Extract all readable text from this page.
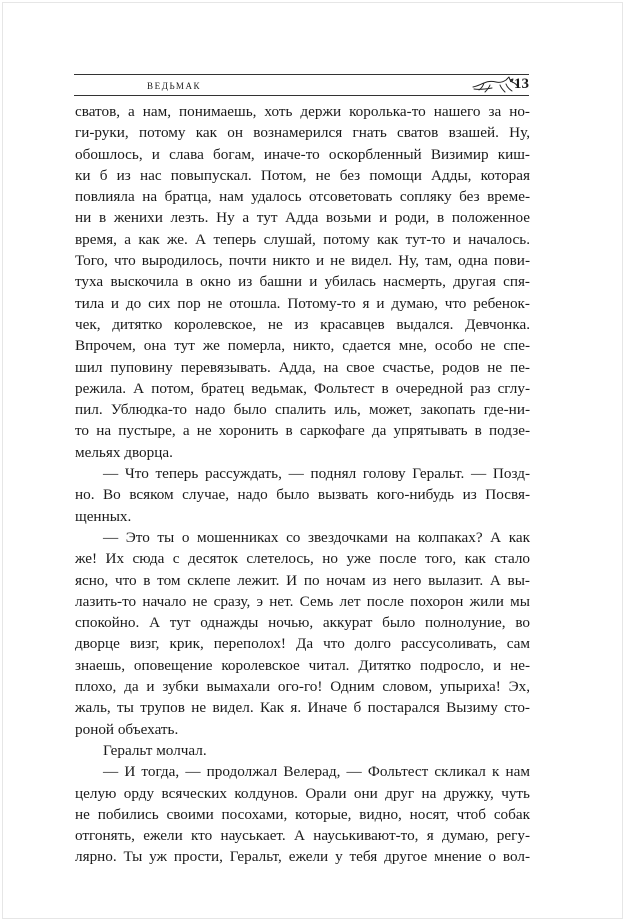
ведьмак	13
сватов, а нам, понимаешь, хоть держи королька-то нашего за но-
ги-руки, потому как он вознамерился гнать сватов взашей. Ну,
обошлось, и слава богам, иначе-то оскорбленный Визимир киш-
ки б из нас повыпускал. Потом, не без помощи Адды, которая
повлияла на братца, нам удалось отсоветовать сопляку без време-
ни в женихи лезть. Ну а тут Адда возьми и роди, в положенное
время, а как же. А теперь слушай, потому как тут-то и началось.
Того, что выродилось, почти никто и не видел. Ну, там, одна пови-
туха выскочила в окно из башни и убилась насмерть, другая спя-
тила и до сих пор не отошла. Потому-то я и думаю, что ребенок-
чек, дитятко королевское, не из красавцев выдался. Девчонка.
Впрочем, она тут же померла, никто, сдается мне, особо не спе-
шил пуповину перевязывать. Адда, на свое счастье, родов не пе-
режила. А потом, братец ведьмак, Фольтест в очередной раз сглу-
пил. Ублюдка-то надо было спалить иль, может, закопать где-ни-
то на пустыре, а не хоронить в саркофаге да упрятывать в подзе-
мельях дворца.
— Что теперь рассуждать, — поднял голову Геральт. — Позд-
но. Во всяком случае, надо было вызвать кого-нибудь из Посвя-
щенных.
— Это ты о мошенниках со звездочками на колпаках? А как
же! Их сюда с десяток слетелось, но уже после того, как стало
ясно, что в том склепе лежит. И по ночам из него вылазит. А вы-
лазить-то начало не сразу, э нет. Семь лет после похорон жили мы
спокойно. А тут однажды ночью, аккурат было полнолуние, во
дворце визг, крик, переполох! Да что долго рассусоливать, сам
знаешь, оповещение королевское читал. Дитятко подросло, и не-
плохо, да и зубки вымахали ого-го! Одним словом, упыриха! Эх,
жаль, ты трупов не видел. Как я. Иначе б постарался Вызиму сто-
роной объехать.
Геральт молчал.
— И тогда, — продолжал Велерад, — Фольтест скликал к нам
целую орду всяческих колдунов. Орали они друг на дружку, чуть
не побились своими посохами, которые, видно, носят, чтоб собак
отгонять, ежели кто науськает. А науськивают-то, я думаю, регу-
лярно. Ты уж прости, Геральт, ежели у тебя другое мнение о вол-
